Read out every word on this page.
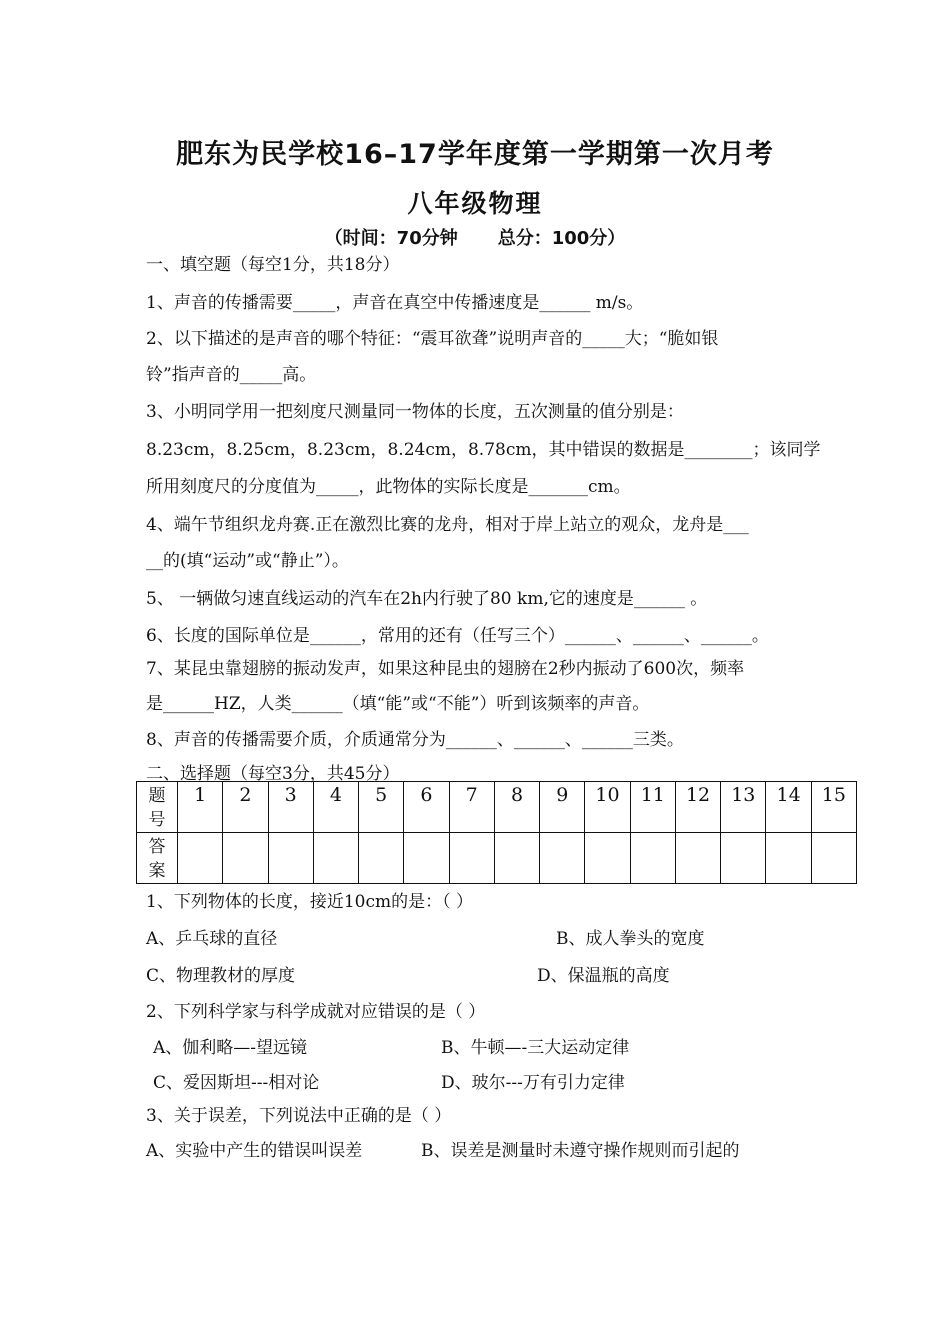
肥东为民学校16–17学年度第一学期第一次月考
八年级物理
（时间：70分钟 总分：100分）
一、填空题（每空1分，共18分）
1、声音的传播需要_____，声音在真空中传播速度是______ m/s。
2、以下描述的是声音的哪个特征：“震耳欲聋”说明声音的_____大；“脆如银
铃”指声音的_____高。
3、小明同学用一把刻度尺测量同一物体的长度，五次测量的值分别是：
8.23cm，8.25cm，8.23cm，8.24cm，8.78cm，其中错误的数据是________；该同学
所用刻度尺的分度值为_____，此物体的实际长度是_______cm。
4、端午节组织龙舟赛.正在激烈比赛的龙舟，相对于岸上站立的观众，龙舟是___
__的(填“运动”或“静止”）。
5、 一辆做匀速直线运动的汽车在2h内行驶了80 km,它的速度是______ 。
6、长度的国际单位是______，常用的还有（任写三个）______、______、______。
7、某昆虫靠翅膀的振动发声，如果这种昆虫的翅膀在2秒内振动了600次，频率
是______HZ，人类______（填“能”或“不能”）听到该频率的声音。
8、声音的传播需要介质，介质通常分为______、______、______三类。
二、选择题（每空3分，共45分）
题
号	1	2	3	4	5	6	7	8	9	10	11	12	13	14	15

答
案															

1、下列物体的长度，接近10cm的是：（ ）
A、乒乓球的直径	B、成人拳头的宽度
C、物理教材的厚度	D、保温瓶的高度
2、下列科学家与科学成就对应错误的是（ ）
A、伽利略—-望远镜	B、牛顿—-三大运动定律
C、爱因斯坦---相对论	D、玻尔---万有引力定律
3、关于误差，下列说法中正确的是（ ）
A、实验中产生的错误叫误差	B、误差是测量时未遵守操作规则而引起的
